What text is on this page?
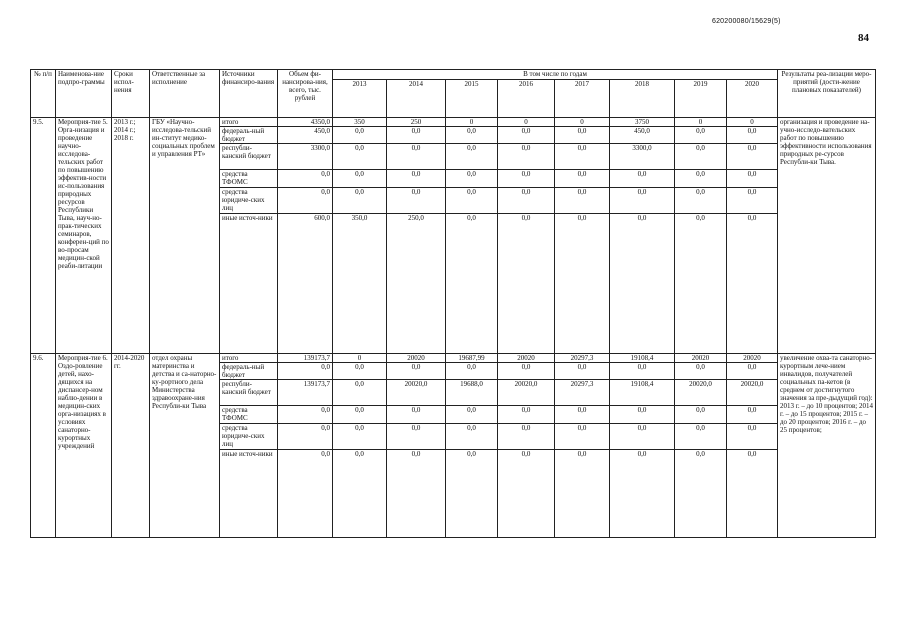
620200080/15629(5)
84
№ п/п	Наименова-ние подпро-граммы	Сроки испол-нения	Ответственные за исполнение	Источники финансиро-вания	Объем фи-нансирова-ния, всего, тыс. рублей	В том числе по годам								Результаты реа-лизации меро-приятий (дости-жение плановых показателей)
						2013	2014	2015	2016	2017	2018	2019	2020	
9.5.	Мероприя-тие 5. Орга-низация и проведение научно-исследова-тельских работ по повышению эффектив-ности ис-пользования природных ресурсов Республики Тыва, науч-но-прак-тических семинаров, конферен-ций по во-просам медицин-ской реаби-литации	2013 г.; 2014 г.; 2018 г.	ГБУ «Научно-исследова-тельский ин-ститут медико-социальных проблем и управления РТ»	итого	4350,0	350	250	0	0	0	3750	0	0	организация и проведение на-учно-исследо-вательских работ по повышению эффективности использования природных ре-сурсов Республи-ки Тыва.
				федераль-ный бюджет	450,0	0,0	0,0	0,0	0,0	0,0	450,0	0,0	0,0	
				республи-канский бюджет	3300,0	0,0	0,0	0,0	0,0	0,0	3300,0	0,0	0,0	
				средства ТФОМС	0,0	0,0	0,0	0,0	0,0	0,0	0,0	0,0	0,0	
				средства юридиче-ских лиц	0,0	0,0	0,0	0,0	0,0	0,0	0,0	0,0	0,0	
				иные источ-ники	600,0	350,0	250,0	0,0	0,0	0,0	0,0	0,0	0,0	
9.6.	Мероприя-тие 6. Оздо-ровление детей, нахо-дящихся на диспансер-ном наблю-дении в медицин-ских орга-низациях в условиях санаторно-курортных учреждений	2014-2020 гг.	отдел охраны материнства и детства и са-наторно-ку-рортного дела Министерства здравоохране-ния Республи-ки Тыва	итого	139173,7	0	20020	19687,99	20020	20297,3	19108,4	20020	20020	увеличение охва-та санаторно-курортным лече-нием инвалидов, получателей социальных па-кетов (в среднем от достигнутого значения за пре-дыдущий год): 2013 г. – до 10 процентов; 2014 г. – до 15 процентов; 2015 г. – до 20 процентов; 2016 г. – до 25 процентов;
				федераль-ный бюджет	0,0	0,0	0,0	0,0	0,0	0,0	0,0	0,0	0,0	
				республи-канский бюджет	139173,7	0,0	20020,0	19688,0	20020,0	20297,3	19108,4	20020,0	20020,0	
				средства ТФОМС	0,0	0,0	0,0	0,0	0,0	0,0	0,0	0,0	0,0	
				средства юридиче-ских лиц	0,0	0,0	0,0	0,0	0,0	0,0	0,0	0,0	0,0	
				иные источ-ники	0,0	0,0	0,0	0,0	0,0	0,0	0,0	0,0	0,0	
